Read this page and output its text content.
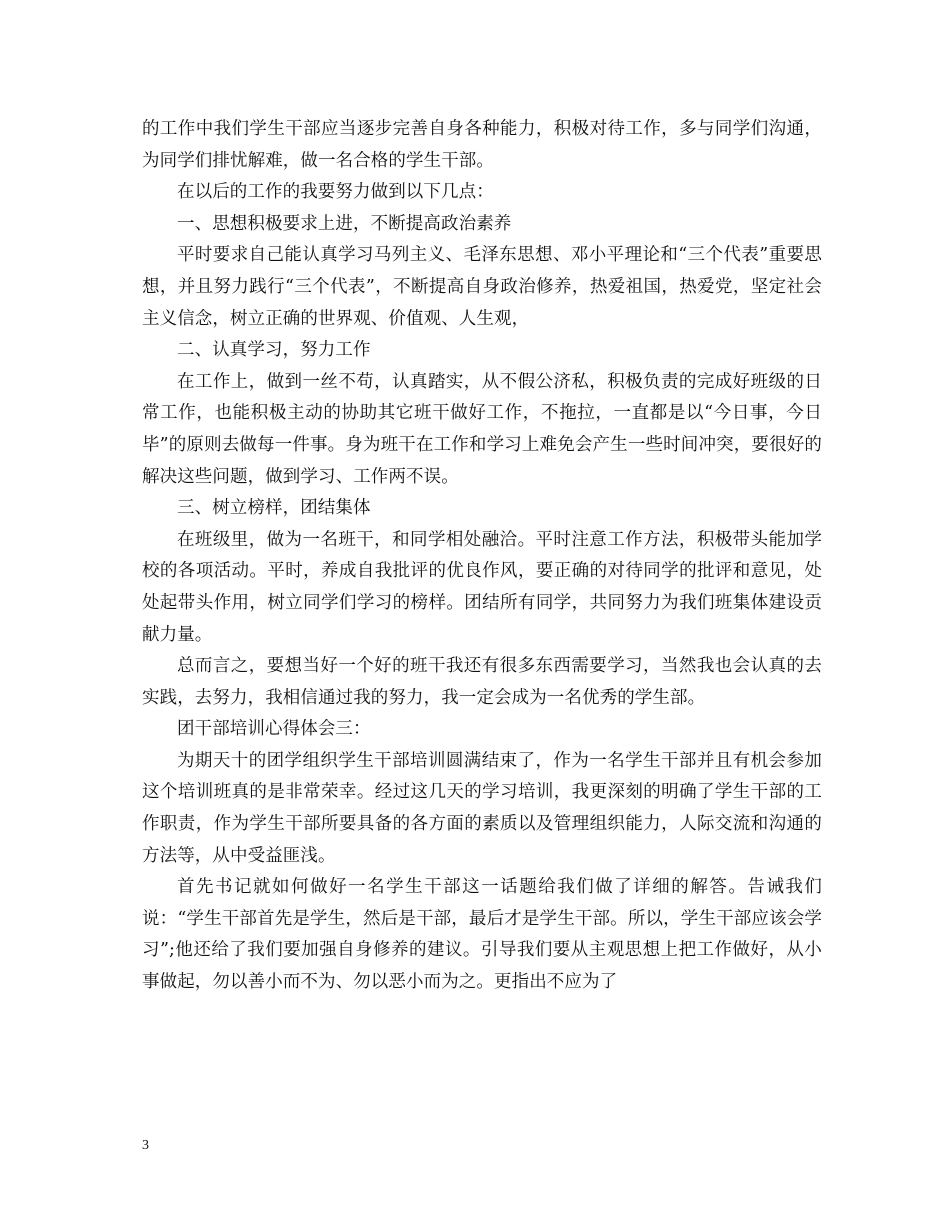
的工作中我们学生干部应当逐步完善自身各种能力，积极对待工作，多与同学们沟通，为同学们排忧解难，做一名合格的学生干部。

在以后的工作的我要努力做到以下几点：

一、思想积极要求上进，不断提高政治素养

平时要求自己能认真学习马列主义、毛泽东思想、邓小平理论和“三个代表”重要思想，并且努力践行“三个代表”，不断提高自身政治修养，热爱祖国，热爱党，坚定社会主义信念，树立正确的世界观、价值观、人生观，

二、认真学习，努力工作

在工作上，做到一丝不苟，认真踏实，从不假公济私，积极负责的完成好班级的日常工作，也能积极主动的协助其它班干做好工作，不拖拉，一直都是以“今日事，今日毕”的原则去做每一件事。身为班干在工作和学习上难免会产生一些时间冲突，要很好的解决这些问题，做到学习、工作两不误。

三、树立榜样，团结集体

在班级里，做为一名班干，和同学相处融洽。平时注意工作方法，积极带头能加学校的各项活动。平时，养成自我批评的优良作风，要正确的对待同学的批评和意见，处处起带头作用，树立同学们学习的榜样。团结所有同学，共同努力为我们班集体建设贡献力量。

总而言之，要想当好一个好的班干我还有很多东西需要学习，当然我也会认真的去实践，去努力，我相信通过我的努力，我一定会成为一名优秀的学生部。

团干部培训心得体会三：

为期天十的团学组织学生干部培训圆满结束了，作为一名学生干部并且有机会参加这个培训班真的是非常荣幸。经过这几天的学习培训，我更深刻的明确了学生干部的工作职责，作为学生干部所要具备的各方面的素质以及管理组织能力，人际交流和沟通的方法等，从中受益匪浅。

首先书记就如何做好一名学生干部这一话题给我们做了详细的解答。告诫我们说：“学生干部首先是学生，然后是干部，最后才是学生干部。所以，学生干部应该会学习”;他还给了我们要加强自身修养的建议。引导我们要从主观思想上把工作做好，从小事做起，勿以善小而不为、勿以恶小而为之。更指出不应为了

3
